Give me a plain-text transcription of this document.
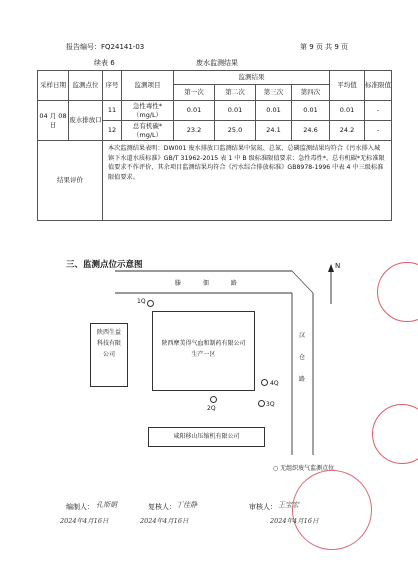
报告编号：FQ24141-03	第 9 页 共 9 页
续表 6	废水监测结果
采样日期	监测点位	序号	监测项目	监测结果				平均值	标准限值
				第一次	第二次	第三次	第四次		
04 月 08 日	废水排放口	11	急性毒性*（mg/L）	0.01	0.01	0.01	0.01	0.01	-
		12	总有机碳*（mg/L）	23.2	25.0	24.1	24.6	24.2	-
结果评价		本次监测结果表明：DW001 废水排放口监测结果中氨氮、总氮、总磷监测结果均符合《污水排入城镇下水道水质标准》GB/T 31962-2015 表 1 中 B 级标准限值要求；急性毒性*、总有机碳*无标准限值要求不作评价，其余项目监测结果均符合《污水综合排放标准》GB8978-1996 中表 4 中三级标准限值要求。							
三、监测点位示意图	N
滕 佃 路
汉 仓 路
陕西生益科技有限公司
陕西摩美得气血和制药有限公司生产一区
咸阳移山压缩机有限公司
1Q
2Q
3Q
4Q
○ 无组织废气监测点位
编制人： 孔斯娟
2024年4月16日
复核人： 丁佳静
2024年4月16日
审核人： 王宝宏
2024年4月16日
